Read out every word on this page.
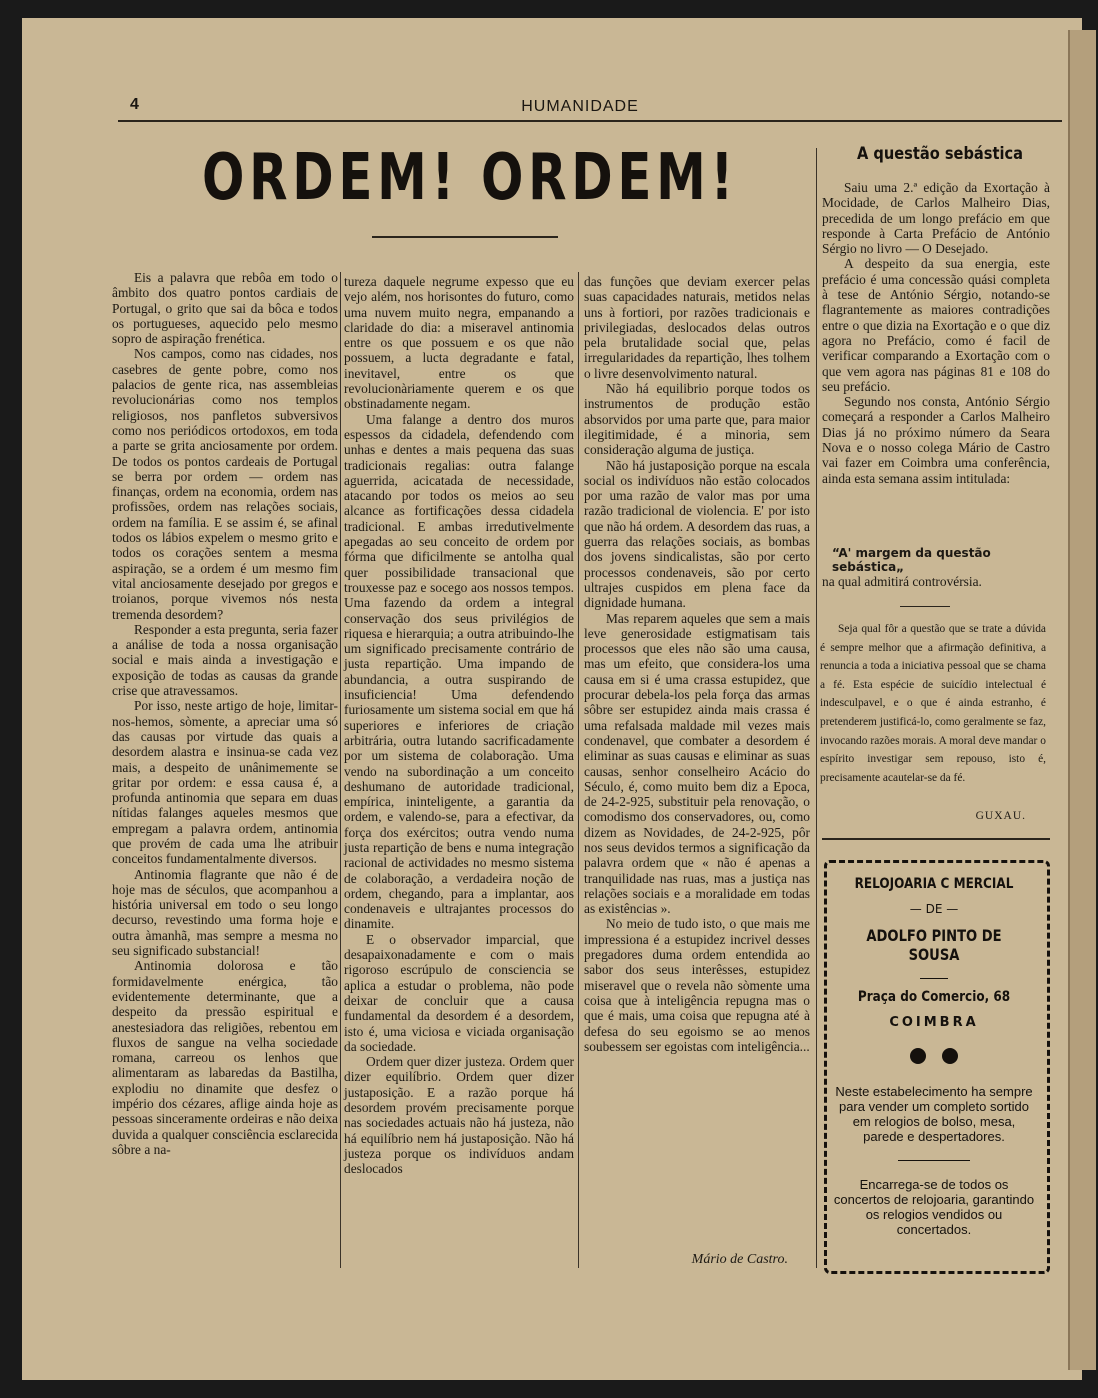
4	HUMANIDADE
ORDEM! ORDEM!

Eis a palavra que rebôa em todo o âmbito dos quatro pontos cardiais de Portugal, o grito que sai da bôca e todos os portugueses, aquecido pelo mesmo sopro de aspiração frenética.

Nos campos, como nas cidades, nos casebres de gente pobre, como nos palacios de gente rica, nas assembleias revolucionárias como nos templos religiosos, nos panfletos subversivos como nos periódicos ortodoxos, em toda a parte se grita anciosamente por ordem. De todos os pontos cardeais de Portugal se berra por ordem — ordem nas finanças, ordem na economia, ordem nas profissões, ordem nas relações sociais, ordem na família. E se assim é, se afinal todos os lábios expelem o mesmo grito e todos os corações sentem a mesma aspiração, se a ordem é um mesmo fim vital anciosamente desejado por gregos e troianos, porque vivemos nós nesta tremenda desordem?

Responder a esta pregunta, seria fazer a análise de toda a nossa organisação social e mais ainda a investigação e exposição de todas as causas da grande crise que atravessamos.

Por isso, neste artigo de hoje, limitar-nos-hemos, sòmente, a apreciar uma só das causas por virtude das quais a desordem alastra e insinua-se cada vez mais, a despeito de unânimemente se gritar por ordem: e essa causa é, a profunda antinomia que separa em duas nítidas falanges aqueles mesmos que empregam a palavra ordem, antinomia que provém de cada uma lhe atribuir conceitos fundamentalmente diversos.

Antinomia flagrante que não é de hoje mas de séculos, que acompanhou a história universal em todo o seu longo decurso, revestindo uma forma hoje e outra àmanhã, mas sempre a mesma no seu significado substancial!

Antinomia dolorosa e tão formidavelmente enérgica, tão evidentemente determinante, que a despeito da pressão espiritual e anestesiadora das religiões, rebentou em fluxos de sangue na velha sociedade romana, carreou os lenhos que alimentaram as labaredas da Bastilha, explodiu no dinamite que desfez o império dos cézares, aflige ainda hoje as pessoas sinceramente ordeiras e não deixa duvida a qualquer consciência esclarecida sôbre a na-

tureza daquele negrume expesso que eu vejo além, nos horisontes do futuro, como uma nuvem muito negra, empanando a claridade do dia: a miseravel antinomia entre os que possuem e os que não possuem, a lucta degradante e fatal, inevitavel, entre os que revolucionàriamente querem e os que obstinadamente negam.

Uma falange a dentro dos muros espessos da cidadela, defendendo com unhas e dentes a mais pequena das suas tradicionais regalias: outra falange aguerrida, acicatada de necessidade, atacando por todos os meios ao seu alcance as fortificações dessa cidadela tradicional. E ambas irredutivelmente apegadas ao seu conceito de ordem por fórma que dificilmente se antolha qual quer possibilidade transacional que trouxesse paz e socego aos nossos tempos. Uma fazendo da ordem a integral conservação dos seus privilégios de riquesa e hierarquia; a outra atribuindo-lhe um significado precisamente contrário de justa repartição. Uma impando de abundancia, a outra suspirando de insuficiencia! Uma defendendo furiosamente um sistema social em que há superiores e inferiores de criação arbitrária, outra lutando sacrificadamente por um sistema de colaboração. Uma vendo na subordinação a um conceito deshumano de autoridade tradicional, empírica, ininteligente, a garantia da ordem, e valendo-se, para a efectivar, da força dos exércitos; outra vendo numa justa repartição de bens e numa integração racional de actividades no mesmo sistema de colaboração, a verdadeira noção de ordem, chegando, para a implantar, aos condenaveis e ultrajantes processos do dinamite.

E o observador imparcial, que desapaixonadamente e com o mais rigoroso escrúpulo de consciencia se aplica a estudar o problema, não pode deixar de concluir que a causa fundamental da desordem é a desordem, isto é, uma viciosa e viciada organisação da sociedade.

Ordem quer dizer justeza. Ordem quer dizer equilíbrio. Ordem quer dizer justaposição. E a razão porque há desordem provém precisamente porque nas sociedades actuais não há justeza, não há equilíbrio nem há justaposição. Não há justeza porque os indivíduos andam deslocados

das funções que deviam exercer pelas suas capacidades naturais, metidos nelas uns à fortiori, por razões tradicionais e privilegiadas, deslocados delas outros pela brutalidade social que, pelas irregularidades da repartição, lhes tolhem o livre desenvolvimento natural.

Não há equilibrio porque todos os instrumentos de produção estão absorvidos por uma parte que, para maior ilegitimidade, é a minoria, sem consideração alguma de justiça.

Não há justaposição porque na escala social os indivíduos não estão colocados por uma razão de valor mas por uma razão tradicional de violencia. E' por isto que não há ordem. A desordem das ruas, a guerra das relações sociais, as bombas dos jovens sindicalistas, são por certo processos condenaveis, são por certo ultrajes cuspidos em plena face da dignidade humana.

Mas reparem aqueles que sem a mais leve generosidade estigmatisam tais processos que eles não são uma causa, mas um efeito, que considera-los uma causa em si é uma crassa estupidez, que procurar debela-los pela força das armas sôbre ser estupidez ainda mais crassa é uma refalsada maldade mil vezes mais condenavel, que combater a desordem é eliminar as suas causas e eliminar as suas causas, senhor conselheiro Acácio do Século, é, como muito bem diz a Epoca, de 24-2-925, substituir pela renovação, o comodismo dos conservadores, ou, como dizem as Novidades, de 24-2-925, pôr nos seus devidos termos a significação da palavra ordem que « não é apenas a tranquilidade nas ruas, mas a justiça nas relações sociais e a moralidade em todas as existências ».

No meio de tudo isto, o que mais me impressiona é a estupidez incrivel desses pregadores duma ordem entendida ao sabor dos seus interêsses, estupidez miseravel que o revela não sòmente uma coisa que à inteligência repugna mas o que é mais, uma coisa que repugna até à defesa do seu egoismo se ao menos soubessem ser egoistas com inteligência...

Mário de Castro.
A questão sebástica

Saiu uma 2.ª edição da Exortação à Mocidade, de Carlos Malheiro Dias, precedida de um longo prefácio em que responde à Carta Prefácio de António Sérgio no livro — O Desejado.

A despeito da sua energia, este prefácio é uma concessão quási completa à tese de António Sérgio, notando-se flagrantemente as maiores contradições entre o que dizia na Exortação e o que diz agora no Prefácio, como é facil de verificar comparando a Exortação com o que vem agora nas páginas 81 e 108 do seu prefácio.

Segundo nos consta, António Sérgio começará a responder a Carlos Malheiro Dias já no próximo número da Seara Nova e o nosso colega Mário de Castro vai fazer em Coimbra uma conferência, ainda esta semana assim intitulada:

“A' margem da questão sebástica„
na qual admitirá controvérsia.

Seja qual fôr a questão que se trate a dúvida é sempre melhor que a afirmação definitiva, a renuncia a toda a iniciativa pessoal que se chama a fé. Esta espécie de suicídio intelectual é indesculpavel, e o que é ainda estranho, é pretenderem justificá-lo, como geralmente se faz, invocando razões morais. A moral deve mandar o espírito investigar sem repouso, isto é, precisamente acautelar-se da fé.

GUXAU.
RELOJOARIA C MERCIAL
— DE —
ADOLFO PINTO DE SOUSA
Praça do Comercio, 68
COIMBRA
Neste estabelecimento ha sempre para vender um completo sortido em relogios de bolso, mesa, parede e despertadores.
Encarrega-se de todos os concertos de relojoaria, garantindo os relogios vendidos ou concertados.
